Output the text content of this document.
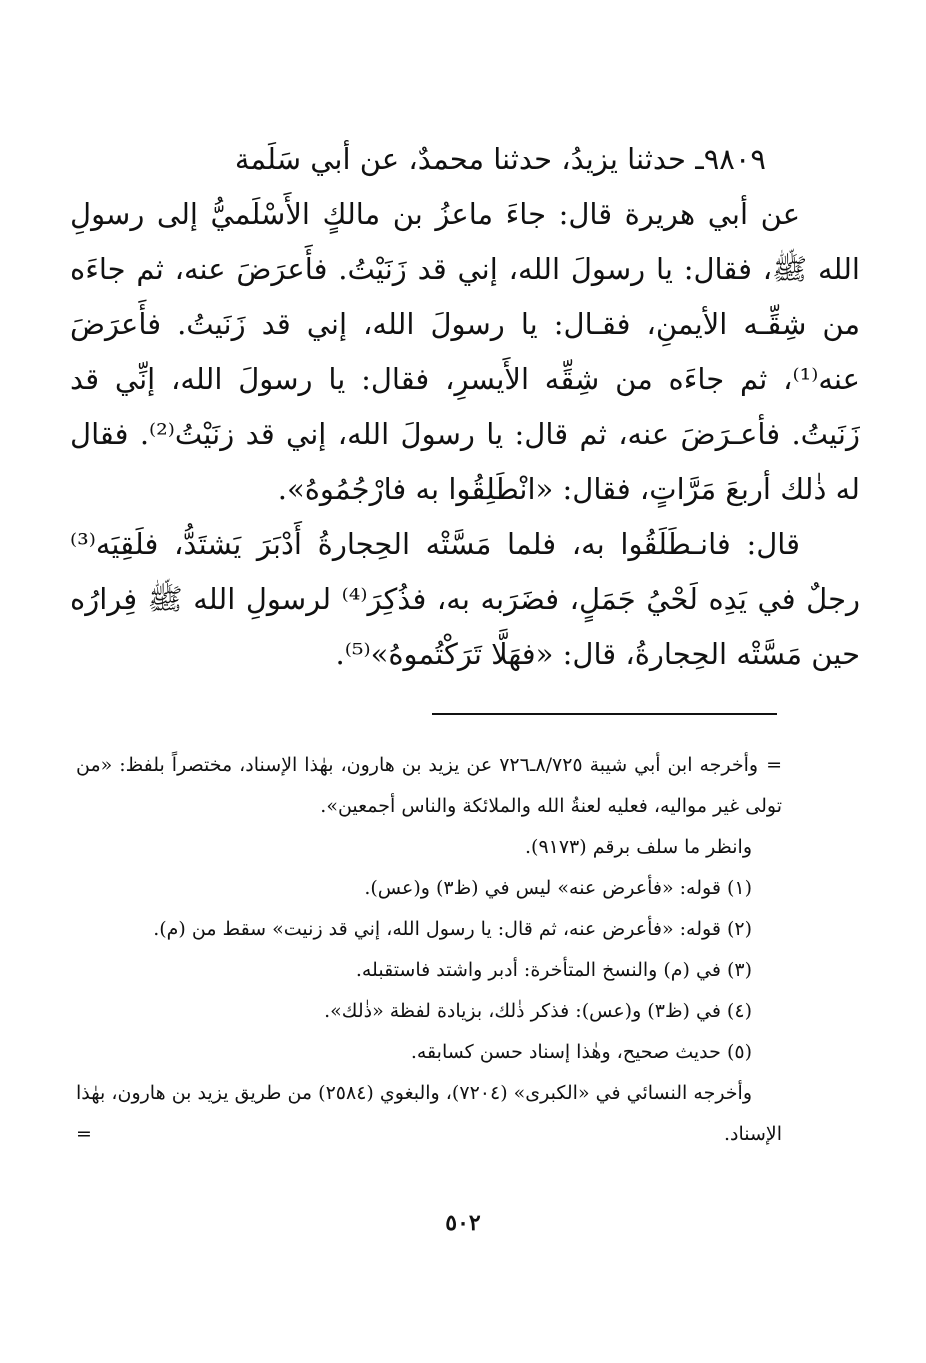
٩٨٠٩ـ حدثنا يزيدُ، حدثنا محمدٌ، عن أبي سَلَمة

عن أبي هريرة قال: جاءَ ماعزُ بن مالكٍ الأَسْلَميُّ إلى رسولِ الله ﷺ، فقال: يا رسولَ الله، إني قد زَنَيْتُ. فأَعرَضَ عنه، ثم جاءَه من شِقِّـه الأيمنِ، فقـال: يا رسولَ الله، إني قد زَنَيتُ. فأَعرَضَ عنه⁽¹⁾، ثم جاءَه من شِقِّه الأَيسرِ، فقال: يا رسولَ الله، إنِّي قد زَنَيتُ. فأعـرَضَ عنه، ثم قال: يا رسولَ الله، إني قد زنَيْتُ⁽²⁾. فقال له ذٰلك أربعَ مَرَّاتٍ، فقال: «انْطَلِقُوا به فارْجُمُوهُ».

قال: فانـطَلَقُوا به، فلما مَسَّتْه الحِجارةُ أَدْبَرَ يَشتَدُّ، فلَقِيَه⁽³⁾ رجلٌ في يَدِه لَحْيُ جَمَلٍ، فضَرَبه به، فذُكِرَ⁽⁴⁾ لرسولِ الله ﷺ فِرارُه حين مَسَّتْه الحِجارةُ، قال: «فهَلَّا تَرَكْتُموهُ»⁽⁵⁾.

=وأخرجه ابن أبي شيبة ٨/٧٢٥ـ٧٢٦ عن يزيد بن هارون، بهٰذا الإسناد، مختصراً بلفظ: «من تولى غير مواليه، فعليه لعنةُ الله والملائكة والناس أجمعين».

وانظر ما سلف برقم (٩١٧٣).

(١) قوله: «فأعرض عنه» ليس في (ظ٣) و(عس).

(٢) قوله: «فأعرض عنه، ثم قال: يا رسول الله، إني قد زنيت» سقط من (م).

(٣) في (م) والنسخ المتأخرة: أدبر واشتد فاستقبله.

(٤) في (ظ٣) و(عس): فذكر ذٰلك، بزيادة لفظة «ذٰلك».

(٥) حديث صحيح، وهٰذا إسناد حسن كسابقه.

وأخرجه النسائي في «الكبرى» (٧٢٠٤)، والبغوي (٢٥٨٤) من طريق يزيد بن هارون، بهٰذا الإسناد.
=

٥٠٢
